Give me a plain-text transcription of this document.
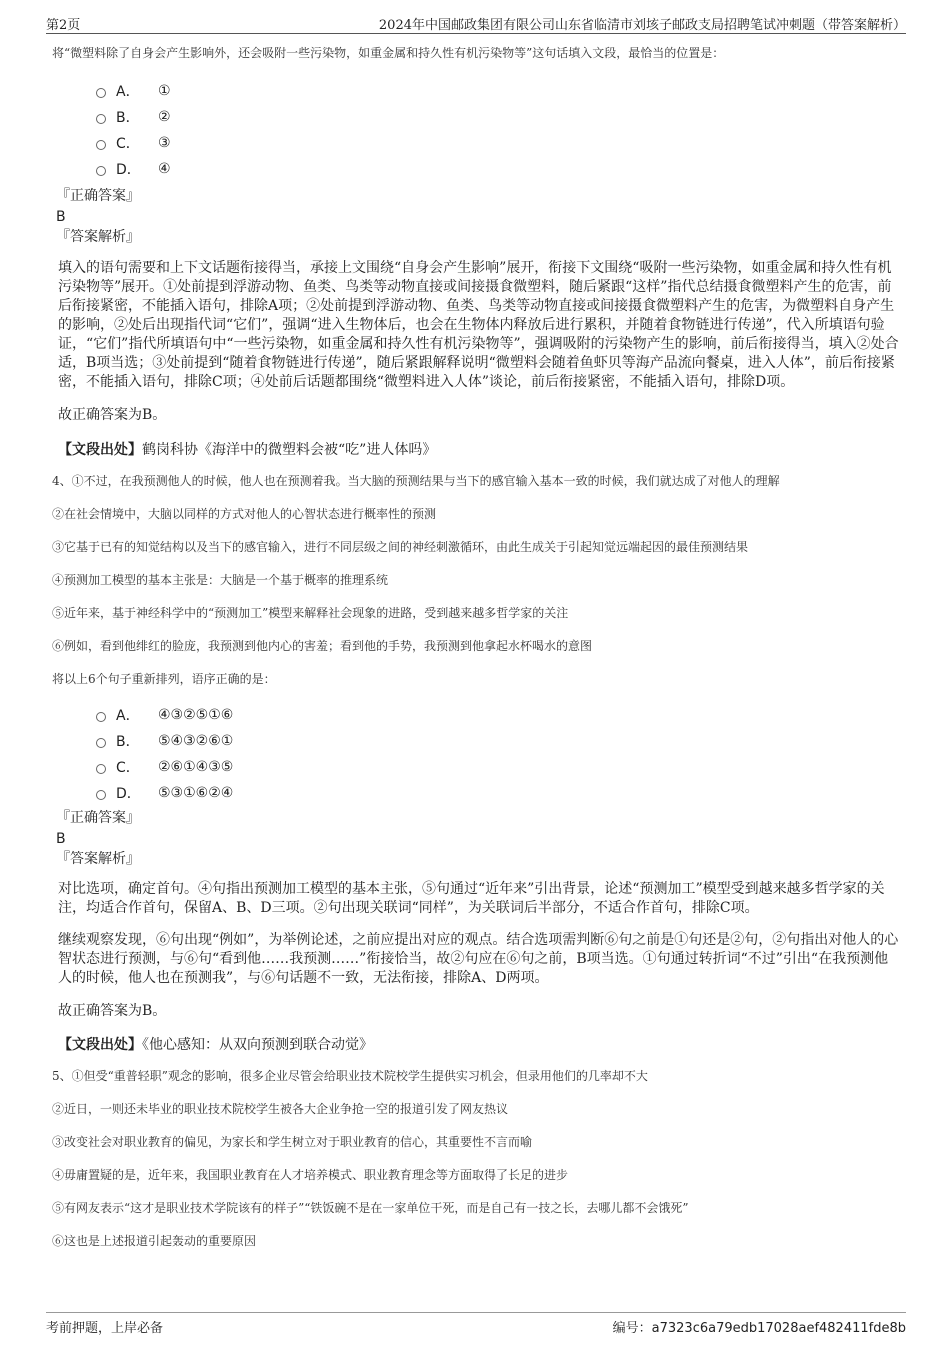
第2页	2024年中国邮政集团有限公司山东省临清市刘垓子邮政支局招聘笔试冲刺题（带答案解析）
将“微塑料除了自身会产生影响外，还会吸附一些污染物，如重金属和持久性有机污染物等”这句话填入文段，最恰当的位置是：
A．	①
B．	②
C．	③
D．	④
『正确答案』
B
『答案解析』
填入的语句需要和上下文话题衔接得当，承接上文围绕“自身会产生影响”展开，衔接下文围绕“吸附一些污染物，如重金属和持久性有机污染物等”展开。①处前提到浮游动物、鱼类、鸟类等动物直接或间接摄食微塑料，随后紧跟“这样”指代总结摄食微塑料产生的危害，前后衔接紧密，不能插入语句，排除A项；②处前提到浮游动物、鱼类、鸟类等动物直接或间接摄食微塑料产生的危害，为微塑料自身产生的影响，②处后出现指代词“它们”，强调“进入生物体后，也会在生物体内释放后进行累积，并随着食物链进行传递”，代入所填语句验证，“它们”指代所填语句中“一些污染物，如重金属和持久性有机污染物等”，强调吸附的污染物产生的影响，前后衔接得当，填入②处合适，B项当选；③处前提到“随着食物链进行传递”，随后紧跟解释说明“微塑料会随着鱼虾贝等海产品流向餐桌，进入人体”，前后衔接紧密，不能插入语句，排除C项；④处前后话题都围绕“微塑料进入人体”谈论，前后衔接紧密，不能插入语句，排除D项。
故正确答案为B。
【文段出处】鹤岗科协《海洋中的微塑料会被“吃”进人体吗》
4、①不过，在我预测他人的时候，他人也在预测着我。当大脑的预测结果与当下的感官输入基本一致的时候，我们就达成了对他人的理解
②在社会情境中，大脑以同样的方式对他人的心智状态进行概率性的预测
③它基于已有的知觉结构以及当下的感官输入，进行不同层级之间的神经刺激循环，由此生成关于引起知觉远端起因的最佳预测结果
④预测加工模型的基本主张是：大脑是一个基于概率的推理系统
⑤近年来，基于神经科学中的“预测加工”模型来解释社会现象的进路，受到越来越多哲学家的关注
⑥例如，看到他绯红的脸庞，我预测到他内心的害羞；看到他的手势，我预测到他拿起水杯喝水的意图
将以上6个句子重新排列，语序正确的是：
A．	④③②⑤①⑥
B．	⑤④③②⑥①
C．	②⑥①④③⑤
D．	⑤③①⑥②④
『正确答案』
B
『答案解析』
对比选项，确定首句。④句指出预测加工模型的基本主张，⑤句通过“近年来”引出背景，论述“预测加工”模型受到越来越多哲学家的关注，均适合作首句，保留A、B、D三项。②句出现关联词“同样”，为关联词后半部分，不适合作首句，排除C项。
继续观察发现，⑥句出现“例如”，为举例论述，之前应提出对应的观点。结合选项需判断⑥句之前是①句还是②句，②句指出对他人的心智状态进行预测，与⑥句“看到他……我预测……”衔接恰当，故②句应在⑥句之前，B项当选。①句通过转折词“不过”引出“在我预测他人的时候，他人也在预测我”，与⑥句话题不一致，无法衔接，排除A、D两项。
故正确答案为B。
【文段出处】《他心感知：从双向预测到联合动觉》
5、①但受“重普轻职”观念的影响，很多企业尽管会给职业技术院校学生提供实习机会，但录用他们的几率却不大
②近日，一则还未毕业的职业技术院校学生被各大企业争抢一空的报道引发了网友热议
③改变社会对职业教育的偏见，为家长和学生树立对于职业教育的信心，其重要性不言而喻
④毋庸置疑的是，近年来，我国职业教育在人才培养模式、职业教育理念等方面取得了长足的进步
⑤有网友表示“这才是职业技术学院该有的样子”“铁饭碗不是在一家单位干死，而是自己有一技之长，去哪儿都不会饿死”
⑥这也是上述报道引起轰动的重要原因
考前押题，上岸必备	编号：a7323c6a79edb17028aef482411fde8b
